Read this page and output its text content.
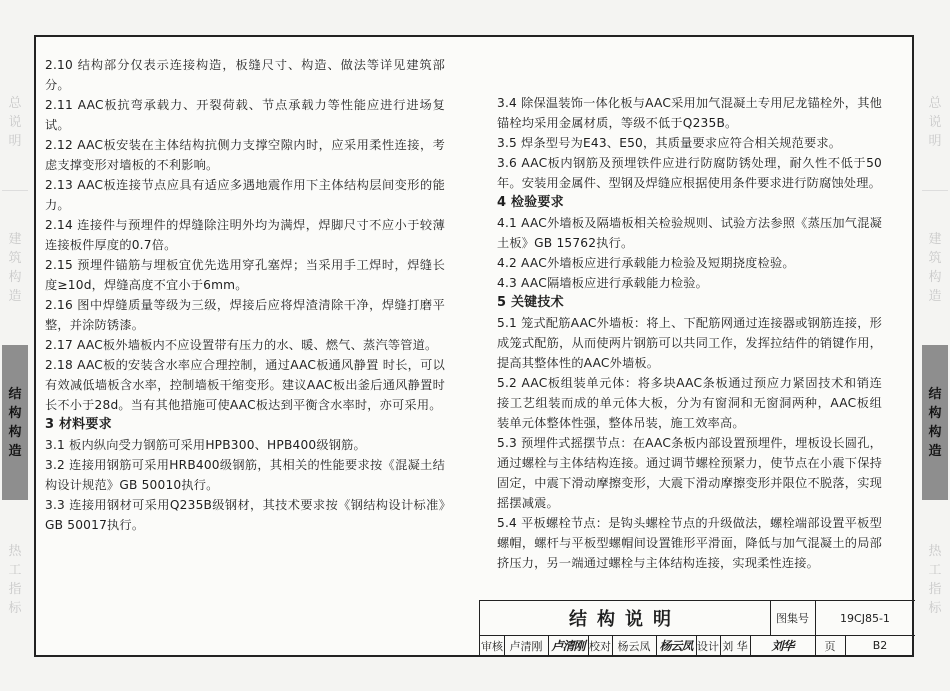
总
说
明
建
筑
构
造
结
构
构
造
热
工
指
标
总
说
明
建
筑
构
造
结
构
构
造
热
工
指
标

2.10 结构部分仅表示连接构造，板缝尺寸、构造、做法等详见建筑部分。

2.11 AAC板抗弯承载力、开裂荷载、节点承载力等性能应进行进场复试。

2.12 AAC板安装在主体结构抗侧力支撑空隙内时，应采用柔性连接，考虑支撑变形对墙板的不利影响。

2.13 AAC板连接节点应具有适应多遇地震作用下主体结构层间变形的能力。

2.14 连接件与预埋件的焊缝除注明外均为满焊，焊脚尺寸不应小于较薄连接板件厚度的0.7倍。

2.15 预埋件锚筋与埋板宜优先选用穿孔塞焊；当采用手工焊时，焊缝长度≥10d，焊缝高度不宜小于6mm。

2.16 图中焊缝质量等级为三级，焊接后应将焊渣清除干净，焊缝打磨平整，并涂防锈漆。

2.17 AAC板外墙板内不应设置带有压力的水、暖、燃气、蒸汽等管道。

2.18 AAC板的安装含水率应合理控制，通过AAC板通风静置 时长，可以有效减低墙板含水率，控制墙板干缩变形。建议AAC板出釜后通风静置时长不小于28d。当有其他措施可使AAC板达到平衡含水率时，亦可采用。

3 材料要求

3.1 板内纵向受力钢筋可采用HPB300、HPB400级钢筋。

3.2 连接用钢筋可采用HRB400级钢筋，其相关的性能要求按《混凝土结构设计规范》GB 50010执行。

3.3 连接用钢材可采用Q235B级钢材，其技术要求按《钢结构设计标准》GB 50017执行。

3.4 除保温装饰一体化板与AAC采用加气混凝土专用尼龙锚栓外，其他锚栓均采用金属材质，等级不低于Q235B。

3.5 焊条型号为E43、E50，其质量要求应符合相关规范要求。

3.6 AAC板内钢筋及预埋铁件应进行防腐防锈处理，耐久性不低于50年。安装用金属件、型钢及焊缝应根据使用条件要求进行防腐蚀处理。

4 检验要求

4.1 AAC外墙板及隔墙板相关检验规则、试验方法参照《蒸压加气混凝土板》GB 15762执行。

4.2 AAC外墙板应进行承载能力检验及短期挠度检验。

4.3 AAC隔墙板应进行承载能力检验。

5 关键技术

5.1 笼式配筋AAC外墙板：将上、下配筋网通过连接器或钢筋连接，形成笼式配筋，从而使两片钢筋可以共同工作，发挥拉结件的销键作用，提高其整体性的AAC外墙板。

5.2 AAC板组装单元体：将多块AAC条板通过预应力紧固技术和销连接工艺组装而成的单元体大板，分为有窗洞和无窗洞两种，AAC板组装单元体整体性强，整体吊装，施工效率高。

5.3 预埋件式摇摆节点：在AAC条板内部设置预埋件，埋板设长圆孔，通过螺栓与主体结构连接。通过调节螺栓预紧力，使节点在小震下保持固定，中震下滑动摩擦变形，大震下滑动摩擦变形并限位不脱落，实现摇摆减震。

5.4 平板螺栓节点：是钩头螺栓节点的升级做法，螺栓端部设置平板型螺帽，螺杆与平板型螺帽间设置锥形平滑面，降低与加气混凝土的局部挤压力，另一端通过螺栓与主体结构连接，实现柔性连接。

结构说明	图集号	19CJ85-1
审核 卢清刚 卢清刚 校对 杨云凤 杨云凤 设计 刘 华	刘华	页	B2
